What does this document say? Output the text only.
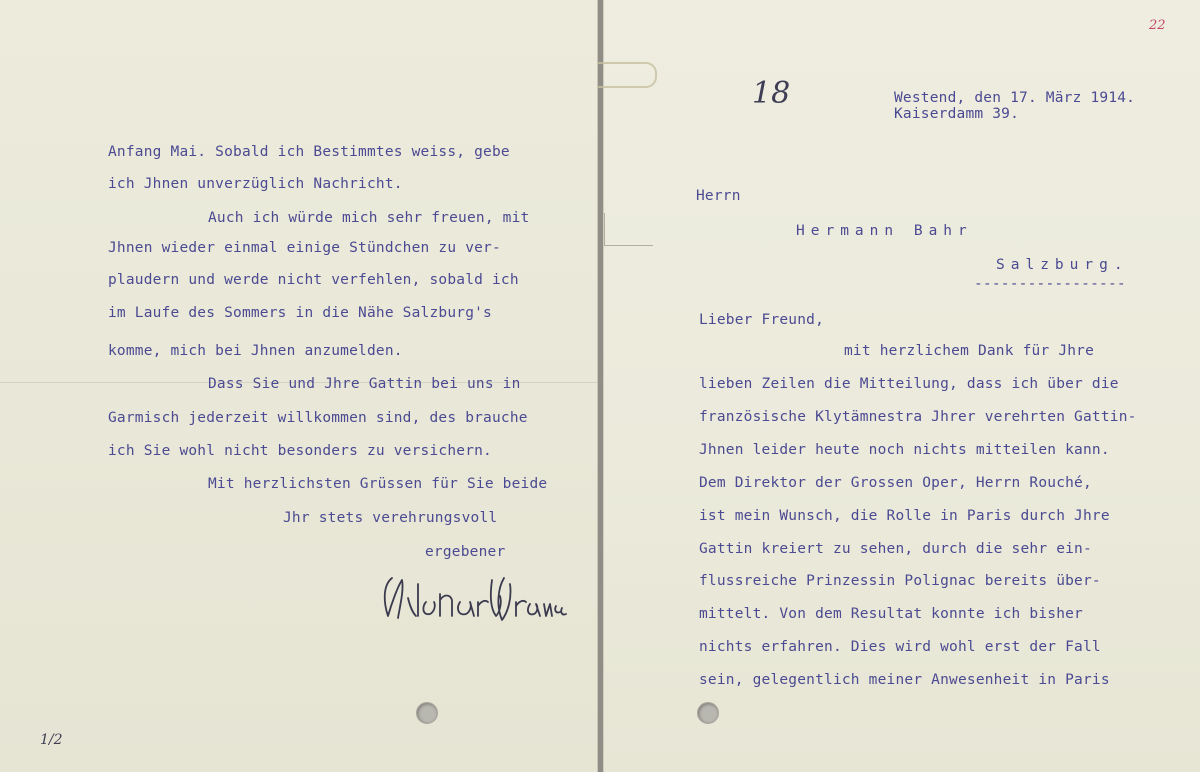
Anfang Mai. Sobald ich Bestimmtes weiss, gebe
ich Jhnen unverzüglich Nachricht.
Auch ich würde mich sehr freuen, mit
Jhnen wieder einmal einige Stündchen zu ver-
plaudern und werde nicht verfehlen, sobald ich
im Laufe des Sommers in die Nähe Salzburg's
komme, mich bei Jhnen anzumelden.
Dass Sie und Jhre Gattin bei uns in
Garmisch jederzeit willkommen sind, des brauche
ich Sie wohl nicht besonders zu versichern.
Mit herzlichsten Grüssen für Sie beide
Jhr stets verehrungsvoll
ergebener
1/2
18
22
Westend, den 17. März 1914.
Kaiserdamm 39.
Herrn
Hermann Bahr
Salzburg.
-----------------
Lieber Freund,
mit herzlichem Dank für Jhre
lieben Zeilen die Mitteilung, dass ich über die
französische Klytämnestra Jhrer verehrten Gattin-
Jhnen leider heute noch nichts mitteilen kann.
Dem Direktor der Grossen Oper, Herrn Rouché,
ist mein Wunsch, die Rolle in Paris durch Jhre
Gattin kreiert zu sehen, durch die sehr ein-
flussreiche Prinzessin Polignac bereits über-
mittelt. Von dem Resultat konnte ich bisher
nichts erfahren. Dies wird wohl erst der Fall
sein, gelegentlich meiner Anwesenheit in Paris
